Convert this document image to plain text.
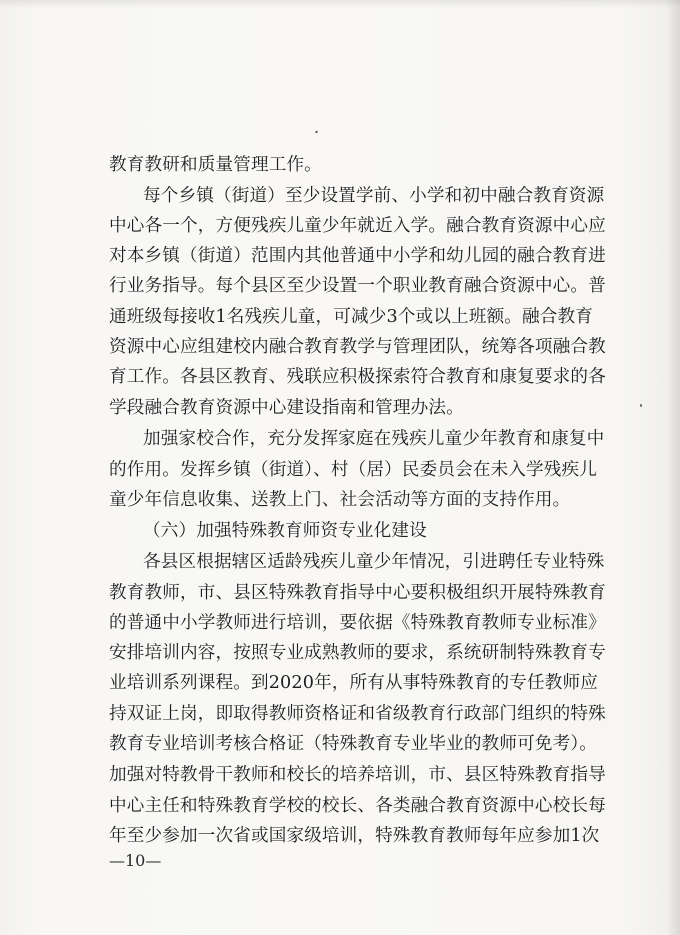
教育教研和质量管理工作。
每个乡镇（街道）至少设置学前、小学和初中融合教育资源
中心各一个，方便残疾儿童少年就近入学。融合教育资源中心应
对本乡镇（街道）范围内其他普通中小学和幼儿园的融合教育进
行业务指导。每个县区至少设置一个职业教育融合资源中心。普
通班级每接收1名残疾儿童，可减少3个或以上班额。融合教育
资源中心应组建校内融合教育教学与管理团队，统筹各项融合教
育工作。各县区教育、残联应积极探索符合教育和康复要求的各
学段融合教育资源中心建设指南和管理办法。
加强家校合作，充分发挥家庭在残疾儿童少年教育和康复中
的作用。发挥乡镇（街道）、村（居）民委员会在未入学残疾儿
童少年信息收集、送教上门、社会活动等方面的支持作用。
（六）加强特殊教育师资专业化建设
各县区根据辖区适龄残疾儿童少年情况，引进聘任专业特殊
教育教师，市、县区特殊教育指导中心要积极组织开展特殊教育
的普通中小学教师进行培训，要依据《特殊教育教师专业标准》
安排培训内容，按照专业成熟教师的要求，系统研制特殊教育专
业培训系列课程。到2020年，所有从事特殊教育的专任教师应
持双证上岗，即取得教师资格证和省级教育行政部门组织的特殊
教育专业培训考核合格证（特殊教育专业毕业的教师可免考）。
加强对特教骨干教师和校长的培养培训，市、县区特殊教育指导
中心主任和特殊教育学校的校长、各类融合教育资源中心校长每
年至少参加一次省或国家级培训，特殊教育教师每年应参加1次
—10—
